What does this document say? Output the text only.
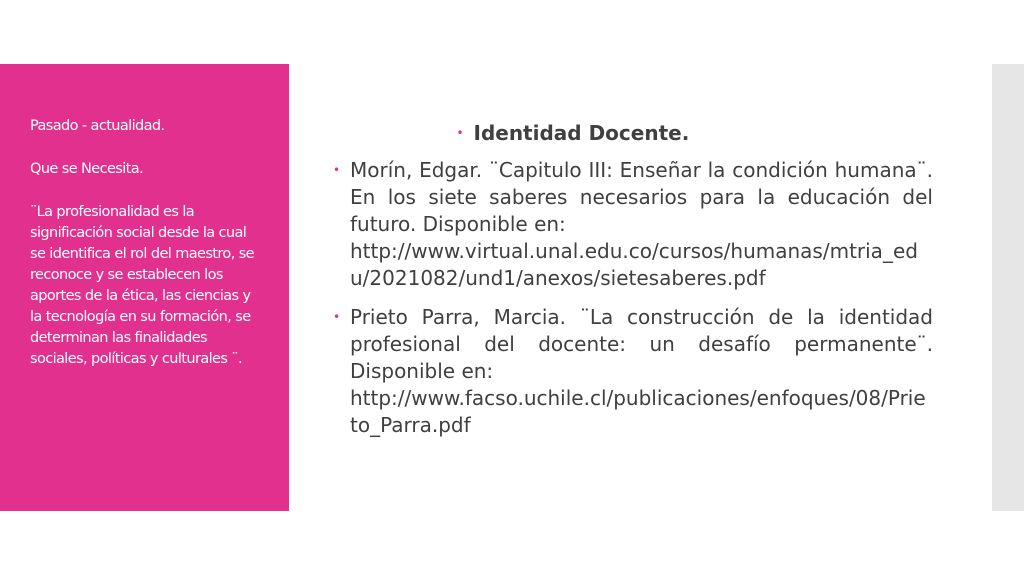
Pasado - actualidad.

Que se Necesita.

¨La profesionalidad es la significación social desde la cual se identifica el rol del maestro, se reconoce y se establecen los aportes de la ética, las ciencias y la tecnología en su formación, se determinan las finalidades sociales, políticas y culturales ¨.

• Identidad Docente.
• Morín, Edgar. ¨Capitulo III: Enseñar la condición humana¨. En los siete saberes necesarios para la educación del futuro. Disponible en:
http://www.virtual.unal.edu.co/cursos/humanas/mtria_edu/2021082/und1/anexos/sietesaberes.pdf
• Prieto Parra, Marcia. ¨La construcción de la identidad profesional del docente: un desafío permanente¨. Disponible en:
http://www.facso.uchile.cl/publicaciones/enfoques/08/Prieto_Parra.pdf
